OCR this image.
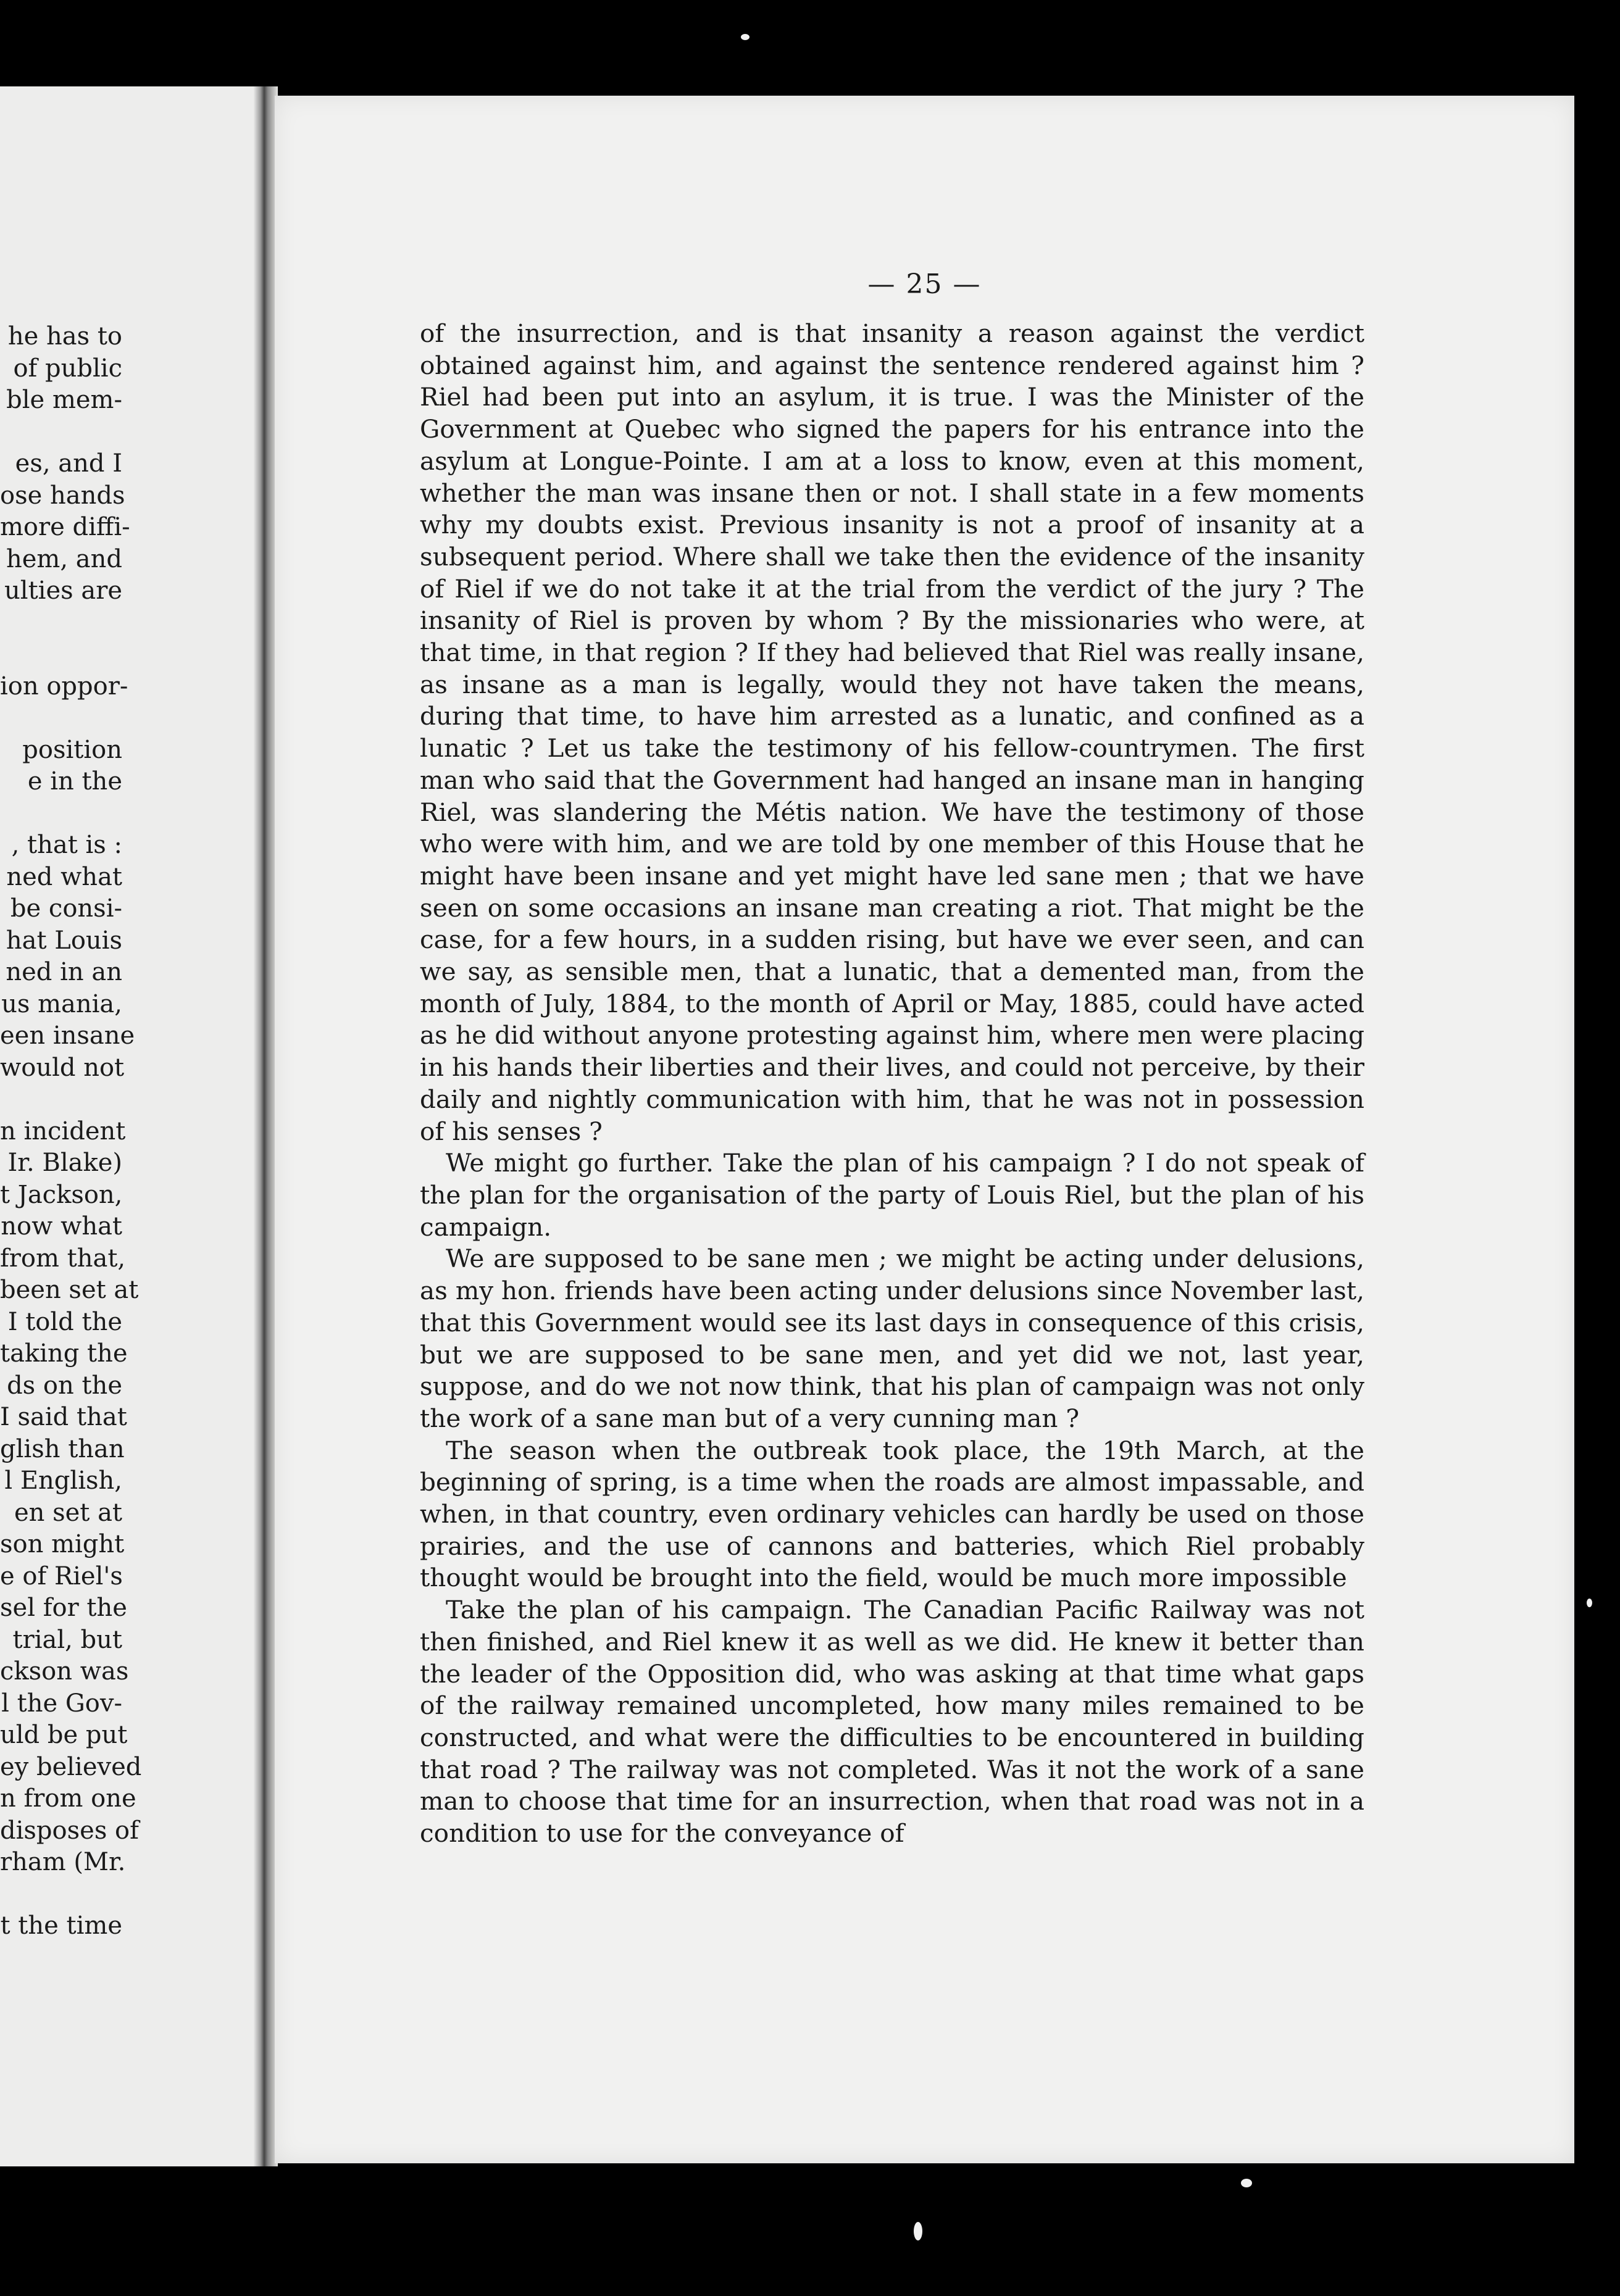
he has to
of public
ble mem-
es, and I
ose hands
more diffi-
hem, and
ulties are
ion oppor-
position
e in the
, that is :
ned what
be consi-
hat Louis
ned in an
us mania,
een insane
would not
n incident
Ir. Blake)
t Jackson,
now what
from that,
been set at
I told the
taking the
ds on the
I said that
glish than
l English,
en set at
son might
e of Riel's
sel for the
trial, but
ckson was
l the Gov-
uld be put
ey believed
n from one
disposes of
rham (Mr.
t the time
— 25 —

of the insurrection, and is that insanity a reason against the verdict obtained against him, and against the sentence rendered against him ? Riel had been put into an asylum, it is true. I was the Minister of the Government at Quebec who signed the papers for his entrance into the asylum at Longue-Pointe. I am at a loss to know, even at this moment, whether the man was insane then or not. I shall state in a few moments why my doubts exist. Previous insanity is not a proof of insanity at a subsequent period. Where shall we take then the evidence of the insanity of Riel if we do not take it at the trial from the verdict of the jury ? The insanity of Riel is proven by whom ? By the missionaries who were, at that time, in that region ? If they had believed that Riel was really insane, as insane as a man is legally, would they not have taken the means, during that time, to have him arrested as a lunatic, and confined as a lunatic ? Let us take the testimony of his fellow-countrymen. The first man who said that the Government had hanged an insane man in hanging Riel, was slandering the Métis nation. We have the testimony of those who were with him, and we are told by one member of this House that he might have been insane and yet might have led sane men ; that we have seen on some occasions an insane man creating a riot. That might be the case, for a few hours, in a sudden rising, but have we ever seen, and can we say, as sensible men, that a lunatic, that a demented man, from the month of July, 1884, to the month of April or May, 1885, could have acted as he did without anyone protesting against him, where men were placing in his hands their liberties and their lives, and could not perceive, by their daily and nightly communication with him, that he was not in possession of his senses ?

We might go further. Take the plan of his campaign ? I do not speak of the plan for the organisation of the party of Louis Riel, but the plan of his campaign.

We are supposed to be sane men ; we might be acting under delusions, as my hon. friends have been acting under delusions since November last, that this Government would see its last days in consequence of this crisis, but we are supposed to be sane men, and yet did we not, last year, suppose, and do we not now think, that his plan of campaign was not only the work of a sane man but of a very cunning man ?

The season when the outbreak took place, the 19th March, at the beginning of spring, is a time when the roads are almost impassable, and when, in that country, even ordinary vehicles can hardly be used on those prairies, and the use of cannons and batteries, which Riel probably thought would be brought into the field, would be much more impossible

Take the plan of his campaign. The Canadian Pacific Railway was not then finished, and Riel knew it as well as we did. He knew it better than the leader of the Opposition did, who was asking at that time what gaps of the railway remained uncompleted, how many miles remained to be constructed, and what were the difficulties to be encountered in building that road ? The railway was not completed. Was it not the work of a sane man to choose that time for an insurrection, when that road was not in a condition to use for the conveyance of
